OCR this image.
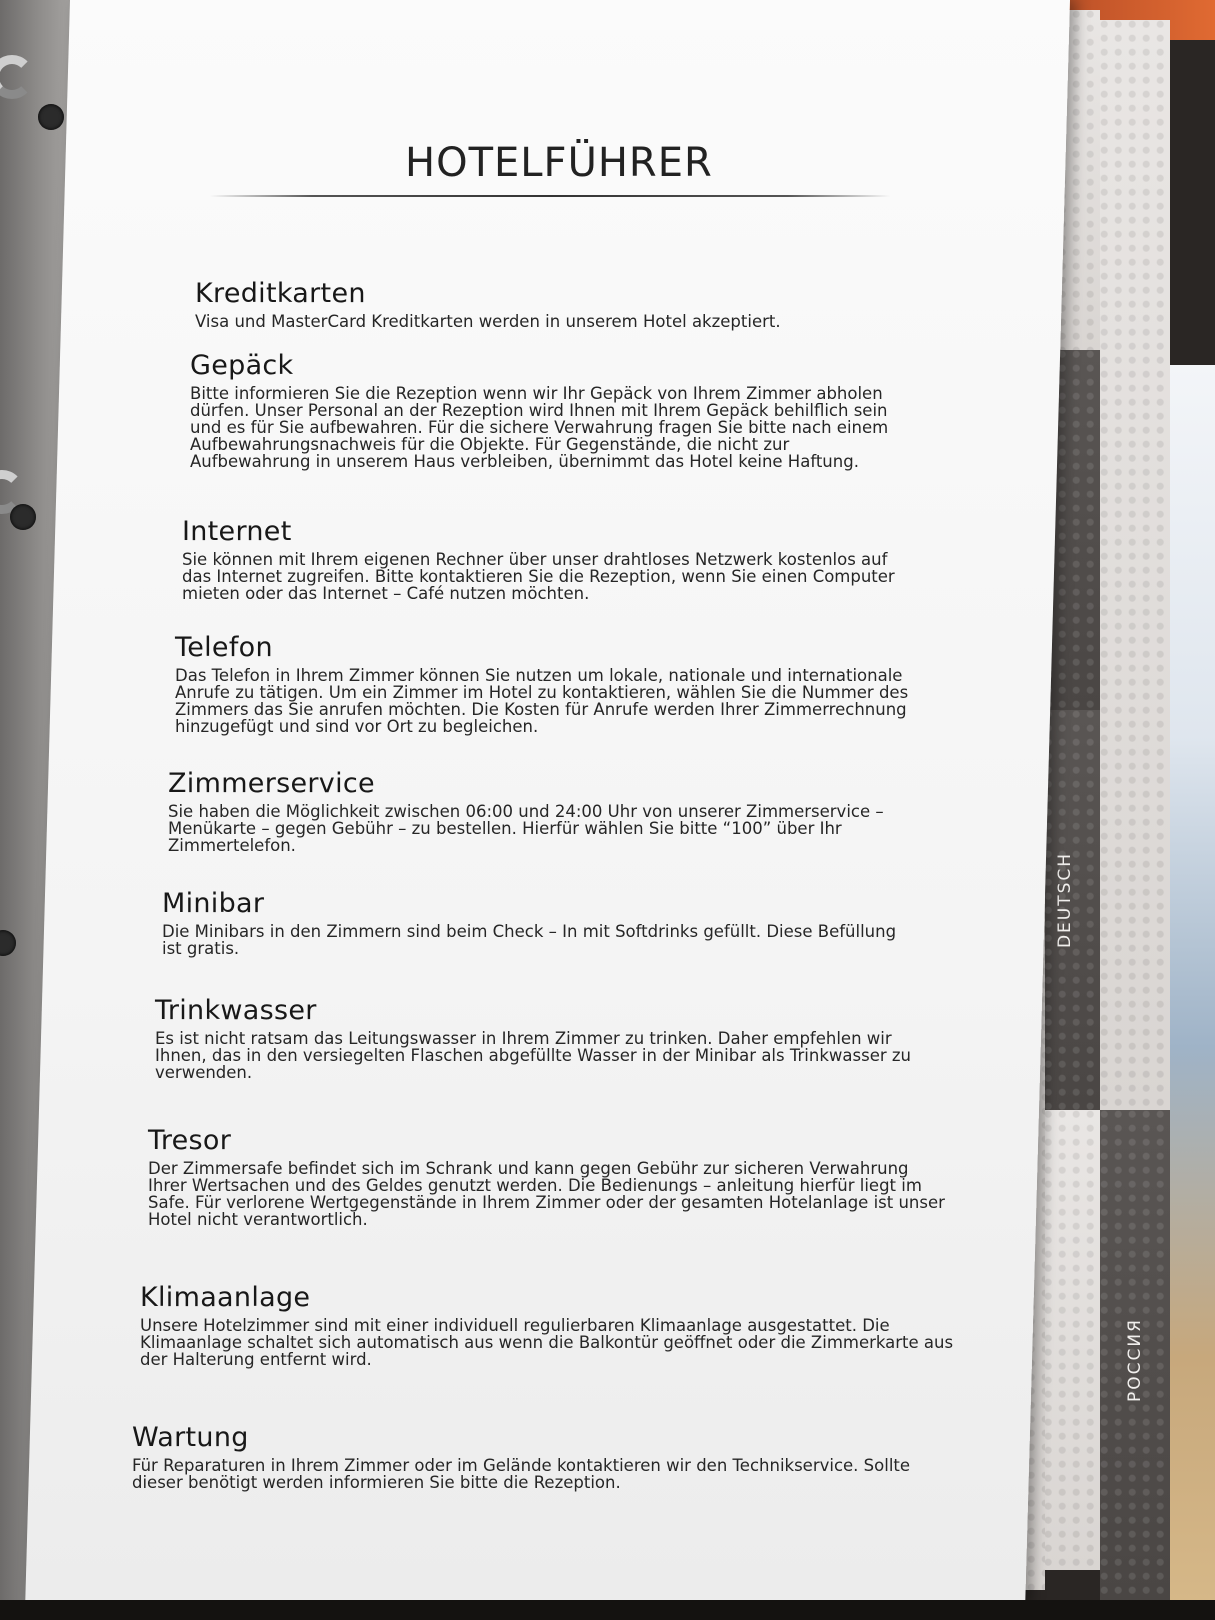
РОССИЯ
DEUTSCH
HOTELFÜHRER
Kreditkarten

Visa und MasterCard Kreditkarten werden in unserem Hotel akzeptiert.

Gepäck

Bitte informieren Sie die Rezeption wenn wir Ihr Gepäck von Ihrem Zimmer abholen dürfen. Unser Personal an der Rezeption wird Ihnen mit Ihrem Gepäck behilflich sein und es für Sie aufbewahren. Für die sichere Verwahrung fragen Sie bitte nach einem Aufbewahrungsnachweis für die Objekte. Für Gegenstände, die nicht zur Aufbewahrung in unserem Haus verbleiben, übernimmt das Hotel keine Haftung.

Internet

Sie können mit Ihrem eigenen Rechner über unser drahtloses Netzwerk kostenlos auf das Internet zugreifen. Bitte kontaktieren Sie die Rezeption, wenn Sie einen Computer mieten oder das Internet – Café nutzen möchten.

Telefon

Das Telefon in Ihrem Zimmer können Sie nutzen um lokale, nationale und internationale Anrufe zu tätigen. Um ein Zimmer im Hotel zu kontaktieren, wählen Sie die Nummer des Zimmers das Sie anrufen möchten. Die Kosten für Anrufe werden Ihrer Zimmerrechnung hinzugefügt und sind vor Ort zu begleichen.

Zimmerservice

Sie haben die Möglichkeit zwischen 06:00 und 24:00 Uhr von unserer Zimmerservice – Menükarte – gegen Gebühr – zu bestellen. Hierfür wählen Sie bitte “100” über Ihr Zimmertelefon.

Minibar

Die Minibars in den Zimmern sind beim Check – In mit Softdrinks gefüllt. Diese Befüllung ist gratis.

Trinkwasser

Es ist nicht ratsam das Leitungswasser in Ihrem Zimmer zu trinken. Daher empfehlen wir Ihnen, das in den versiegelten Flaschen abgefüllte Wasser in der Minibar als Trinkwasser zu verwenden.

Tresor

Der Zimmersafe befindet sich im Schrank und kann gegen Gebühr zur sicheren Verwahrung Ihrer Wertsachen und des Geldes genutzt werden. Die Bedienungs – anleitung hierfür liegt im Safe. Für verlorene Wertgegenstände in Ihrem Zimmer oder der gesamten Hotelanlage ist unser Hotel nicht verantwortlich.

Klimaanlage

Unsere Hotelzimmer sind mit einer individuell regulierbaren Klimaanlage ausgestattet. Die Klimaanlage schaltet sich automatisch aus wenn die Balkontür geöffnet oder die Zimmerkarte aus der Halterung entfernt wird.

Wartung

Für Reparaturen in Ihrem Zimmer oder im Gelände kontaktieren wir den Technikservice. Sollte dieser benötigt werden informieren Sie bitte die Rezeption.
